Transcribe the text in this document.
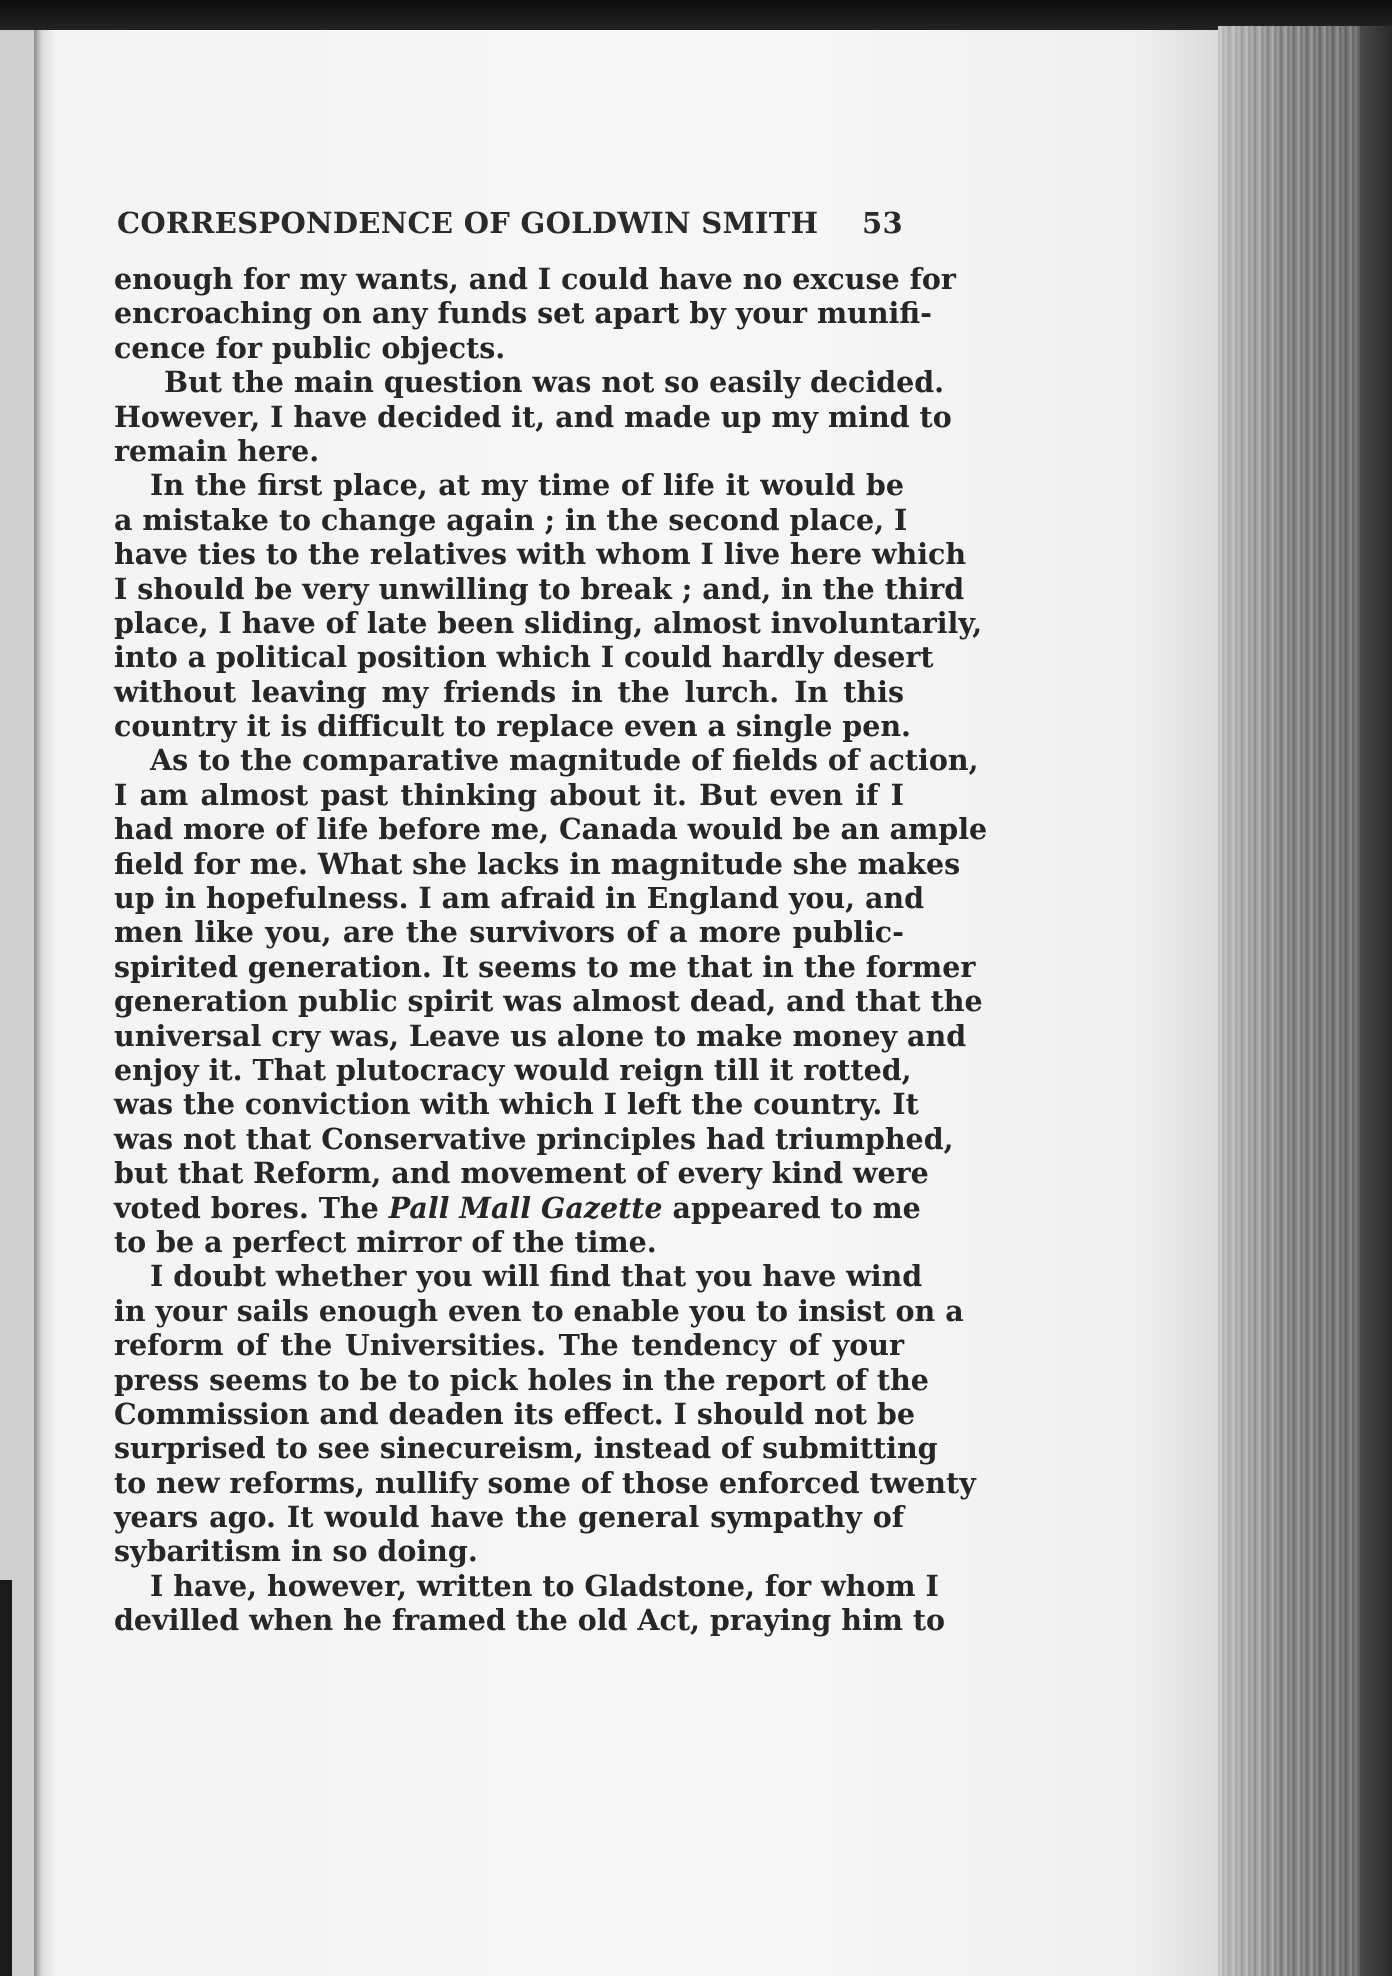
CORRESPONDENCE OF GOLDWIN SMITH 53
enough for my wants, and I could have no excuse for
encroaching on any funds set apart by your munifi-
cence for public objects.
But the main question was not so easily decided.
However, I have decided it, and made up my mind to
remain here.
In the first place, at my time of life it would be
a mistake to change again ; in the second place, I
have ties to the relatives with whom I live here which
I should be very unwilling to break ; and, in the third
place, I have of late been sliding, almost involuntarily,
into a political position which I could hardly desert
without leaving my friends in the lurch. In this
country it is difficult to replace even a single pen.
As to the comparative magnitude of fields of action,
I am almost past thinking about it. But even if I
had more of life before me, Canada would be an ample
field for me. What she lacks in magnitude she makes
up in hopefulness. I am afraid in England you, and
men like you, are the survivors of a more public-
spirited generation. It seems to me that in the former
generation public spirit was almost dead, and that the
universal cry was, Leave us alone to make money and
enjoy it. That plutocracy would reign till it rotted,
was the conviction with which I left the country. It
was not that Conservative principles had triumphed,
but that Reform, and movement of every kind were
voted bores. The Pall Mall Gazette appeared to me
to be a perfect mirror of the time.
I doubt whether you will find that you have wind
in your sails enough even to enable you to insist on a
reform of the Universities. The tendency of your
press seems to be to pick holes in the report of the
Commission and deaden its effect. I should not be
surprised to see sinecureism, instead of submitting
to new reforms, nullify some of those enforced twenty
years ago. It would have the general sympathy of
sybaritism in so doing.
I have, however, written to Gladstone, for whom I
devilled when he framed the old Act, praying him to
